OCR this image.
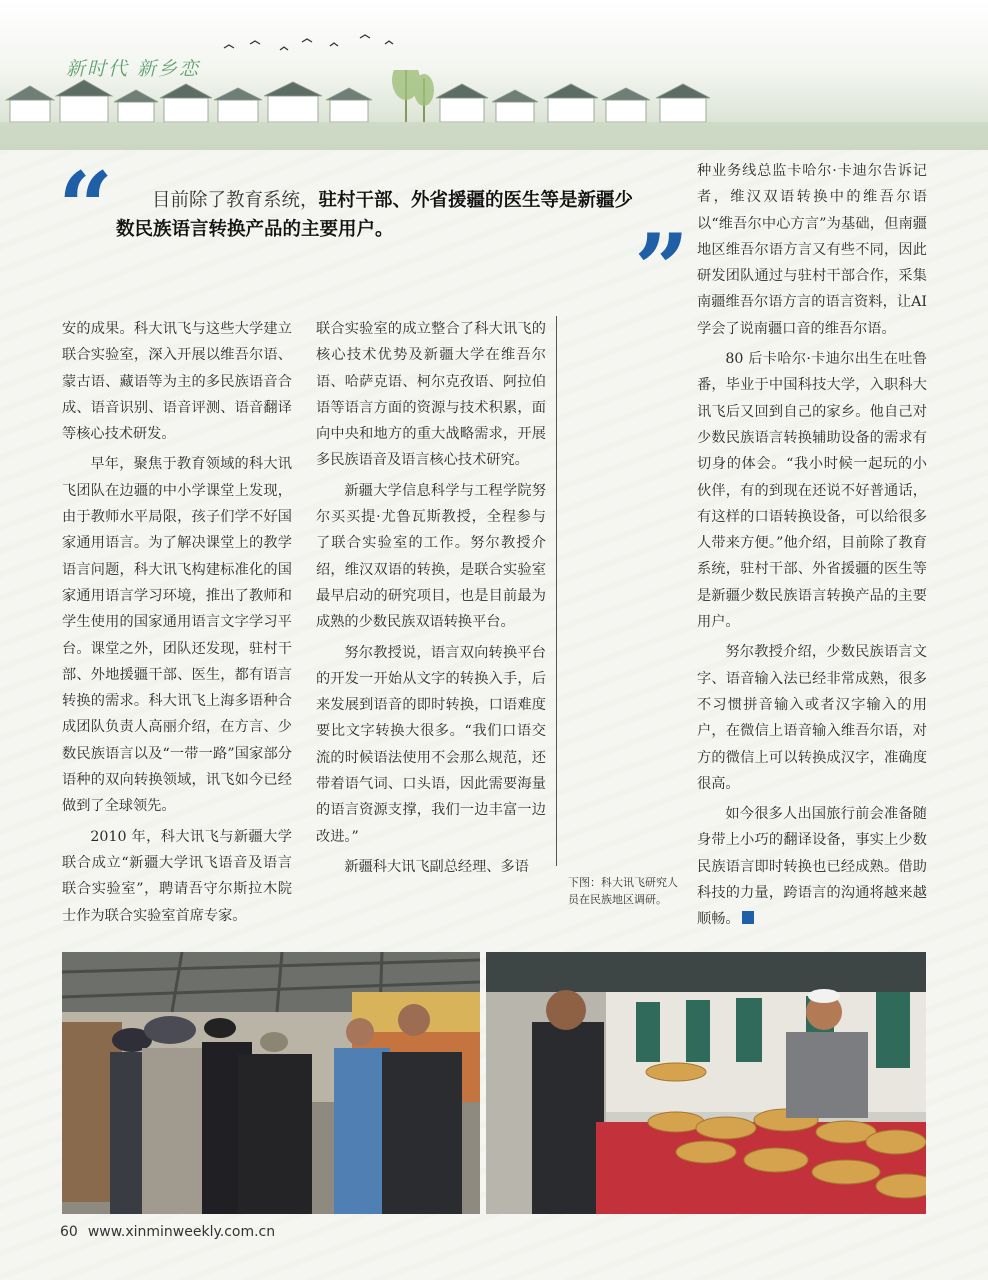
新时代 新乡恋
“	目前除了教育系统，驻村干部、外省援疆的医生等是新疆少数民族语言转换产品的主要用户。	”

安的成果。科大讯飞与这些大学建立联合实验室，深入开展以维吾尔语、蒙古语、藏语等为主的多民族语音合成、语音识别、语音评测、语音翻译等核心技术研发。

早年，聚焦于教育领域的科大讯飞团队在边疆的中小学课堂上发现，由于教师水平局限，孩子们学不好国家通用语言。为了解决课堂上的教学语言问题，科大讯飞构建标准化的国家通用语言学习环境，推出了教师和学生使用的国家通用语言文字学习平台。课堂之外，团队还发现，驻村干部、外地援疆干部、医生，都有语言转换的需求。科大讯飞上海多语种合成团队负责人高丽介绍，在方言、少数民族语言以及“一带一路”国家部分语种的双向转换领域，讯飞如今已经做到了全球领先。

2010 年，科大讯飞与新疆大学联合成立“新疆大学讯飞语音及语言联合实验室”，聘请吾守尔斯拉木院士作为联合实验室首席专家。

联合实验室的成立整合了科大讯飞的核心技术优势及新疆大学在维吾尔语、哈萨克语、柯尔克孜语、阿拉伯语等语言方面的资源与技术积累，面向中央和地方的重大战略需求，开展多民族语音及语言核心技术研究。

新疆大学信息科学与工程学院努尔买买提·尤鲁瓦斯教授，全程参与了联合实验室的工作。努尔教授介绍，维汉双语的转换，是联合实验室最早启动的研究项目，也是目前最为成熟的少数民族双语转换平台。

努尔教授说，语言双向转换平台的开发一开始从文字的转换入手，后来发展到语音的即时转换，口语难度要比文字转换大很多。“我们口语交流的时候语法使用不会那么规范，还带着语气词、口头语，因此需要海量的语言资源支撑，我们一边丰富一边改进。”

新疆科大讯飞副总经理、多语

种业务线总监卡哈尔·卡迪尔告诉记者，维汉双语转换中的维吾尔语以“维吾尔中心方言”为基础，但南疆地区维吾尔语方言又有些不同，因此研发团队通过与驻村干部合作，采集南疆维吾尔语方言的语言资料，让AI学会了说南疆口音的维吾尔语。

80 后卡哈尔·卡迪尔出生在吐鲁番，毕业于中国科技大学，入职科大讯飞后又回到自己的家乡。他自己对少数民族语言转换辅助设备的需求有切身的体会。“我小时候一起玩的小伙伴，有的到现在还说不好普通话，有这样的口语转换设备，可以给很多人带来方便。”他介绍，目前除了教育系统，驻村干部、外省援疆的医生等是新疆少数民族语言转换产品的主要用户。

努尔教授介绍，少数民族语言文字、语音输入法已经非常成熟，很多不习惯拼音输入或者汉字输入的用户，在微信上语音输入维吾尔语，对方的微信上可以转换成汉字，准确度很高。

如今很多人出国旅行前会准备随身带上小巧的翻译设备，事实上少数民族语言即时转换也已经成熟。借助科技的力量，跨语言的沟通将越来越顺畅。

下图：科大讯飞研究人员在民族地区调研。
60 www.xinminweekly.com.cn
